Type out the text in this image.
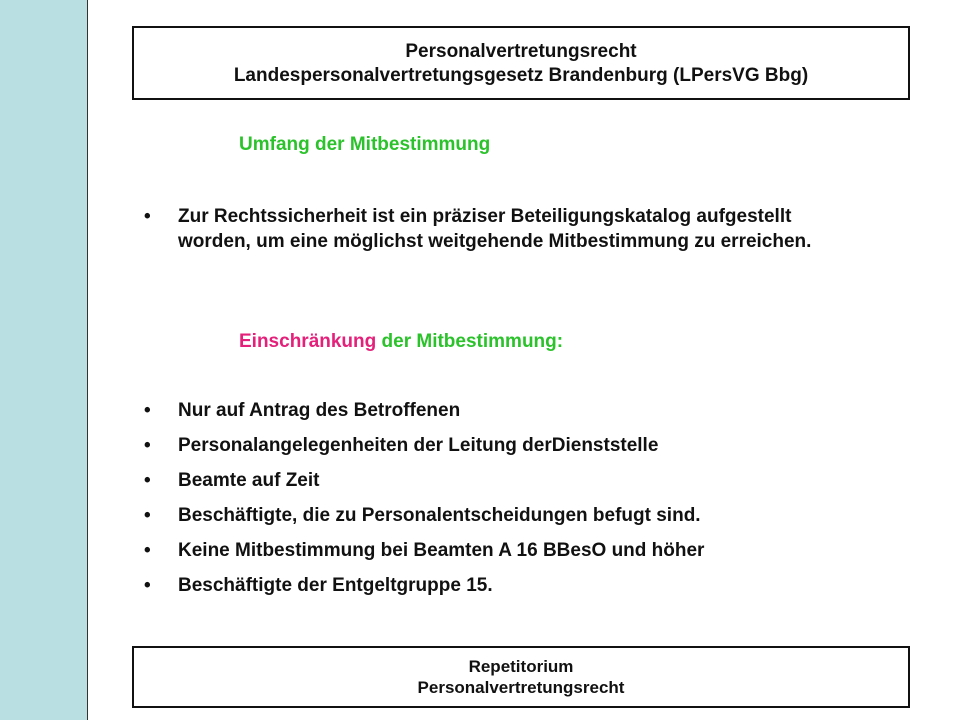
Personalvertretungsrecht
Landespersonalvertretungsgesetz Brandenburg (LPersVG Bbg)
Umfang der Mitbestimmung

• Zur Rechtssicherheit ist ein präziser Beteiligungskatalog aufgestellt worden, um eine möglichst weitgehende Mitbestimmung zu erreichen.

Einschränkung der Mitbestimmung:

• Nur auf Antrag des Betroffenen

• Personalangelegenheiten der Leitung derDienststelle

• Beamte auf Zeit

• Beschäftigte, die zu Personalentscheidungen befugt sind.

• Keine Mitbestimmung bei Beamten A 16 BBesO und höher

• Beschäftigte der Entgeltgruppe 15.

Repetitorium
Personalvertretungsrecht
